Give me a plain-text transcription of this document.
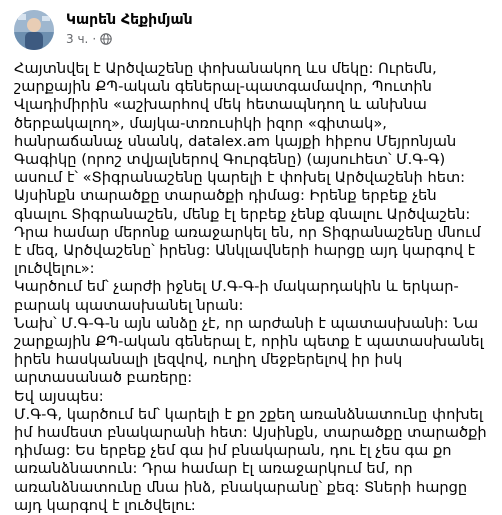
Կարեն Հեքիմյան
3 ч. ·

Հայտնվել է Արծվաշենը փոխանակող ևս մեկը: Ուրեմն, շարքային ՔՊ-ական գեներալ-պատգամավոր, Պուտին Վլադիմիրին «աշխարհով մեկ հետապնդող և անխնա ծերբակալող», մայկա-տռուսիկի իզոր «գիտակ», հանրաճանաչ սնանկ, datalex.am կայքի հիբոս Մեյրոնյան Գագիկը (որոշ տվյալներով Գուրգենը) (այսուհետ՝ Մ.Գ-Գ) ասում է՝ «Տիգրանաշենը կարելի է փոխել Արծվաշենի հետ:

Այսինքն տարածքը տարածքի դիմաց: Իրենք երբեք չեն գնալու Տիգրանաշեն, մենք էլ երբեք չենք գնալու Արծվաշեն: Դրա համար մերոնք առաջարկել են, որ Տիգրանաշենը մնում է մեզ, Արծվաշենը՝ իրենց: Անկլավների հարցը այդ կարգով է լուծվելու»:

Կարծում եմ՝ չարժի իջնել Մ.Գ-Գ-ի մակարդակին և երկար-բարակ պատասխանել նրան:

Նախ՝ Մ.Գ-Գ-ն այն անձը չէ, որ արժանի է պատասխանի: Նա շարքային ՔՊ-ական գեներալ է, որին պետք է պատասխանել իրեն հասկանալի լեզվով, ուղիղ մեջբերելով իր իսկ արտասանած բառերը:

Եվ այսպես:

Մ.Գ-Գ, կարծում եմ՝ կարելի է քո շքեղ առանձնատունը փոխել իմ համեստ բնակարանի հետ: Այսինքն, տարածքը տարածքի դիմաց: Ես երբեք չեմ գա իմ բնակարան, դու էլ չես գա քո առանձնատուն: Դրա համար էլ առաջարկում եմ, որ առանձնատունը մնա ինձ, բնակարանը՝ քեզ: Տների հարցը այդ կարգով է լուծվելու:
